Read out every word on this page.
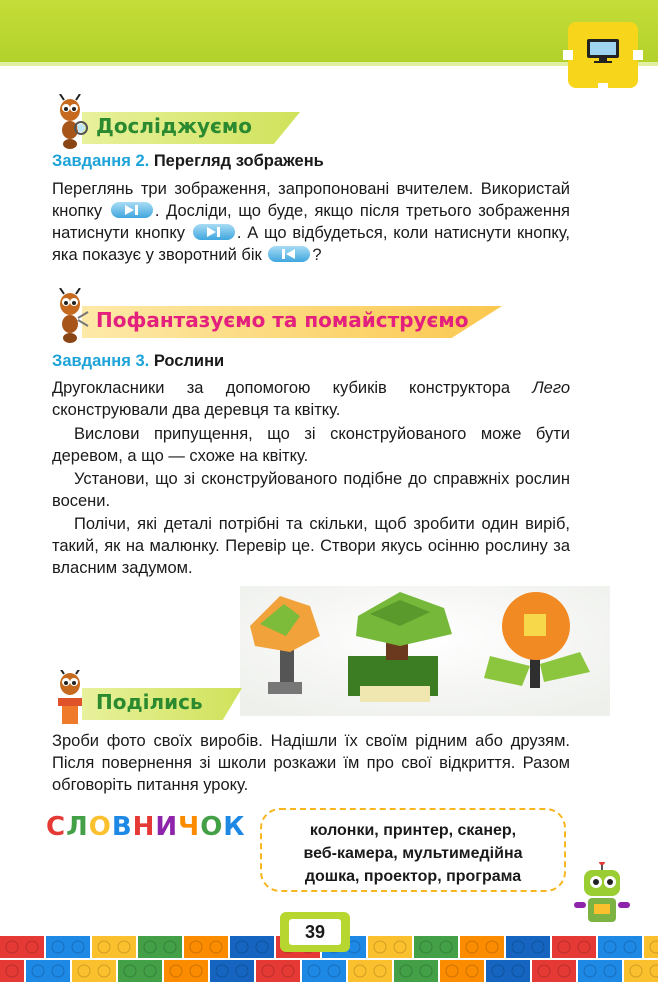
Досліджуємо
Завдання 2. Перегляд зображень

Переглянь три зображення, запропоновані вчителем. Використай кнопку	. Досліди, що буде, якщо після третього зображення натиснути кнопку	. А що відбудеться, коли натиснути кнопку, яка показує у зворотний бік	?

Пофантазуємо та помайструємо
Завдання 3. Рослини

Другокласники за допомогою кубиків конструктора Лего сконструювали два деревця та квітку.

Вислови припущення, що зі сконструйованого може бути деревом, а що — схоже на квітку.

Установи, що зі сконструйованого подібне до справжніх рослин восени.

Полічи, які деталі потрібні та скільки, щоб зробити один виріб, такий, як на малюнку. Перевір це. Створи якусь осінню рослину за власним задумом.

Поділись

Зроби фото своїх виробів. Надішли їх своїм рідним або друзям. Після повернення зі школи розкажи їм про свої відкриття. Разом обговоріть питання уроку.

СЛОВНИЧОК	колонки, принтер, сканер,
веб-камера, мультимедійна
дошка, проектор, програма
39
